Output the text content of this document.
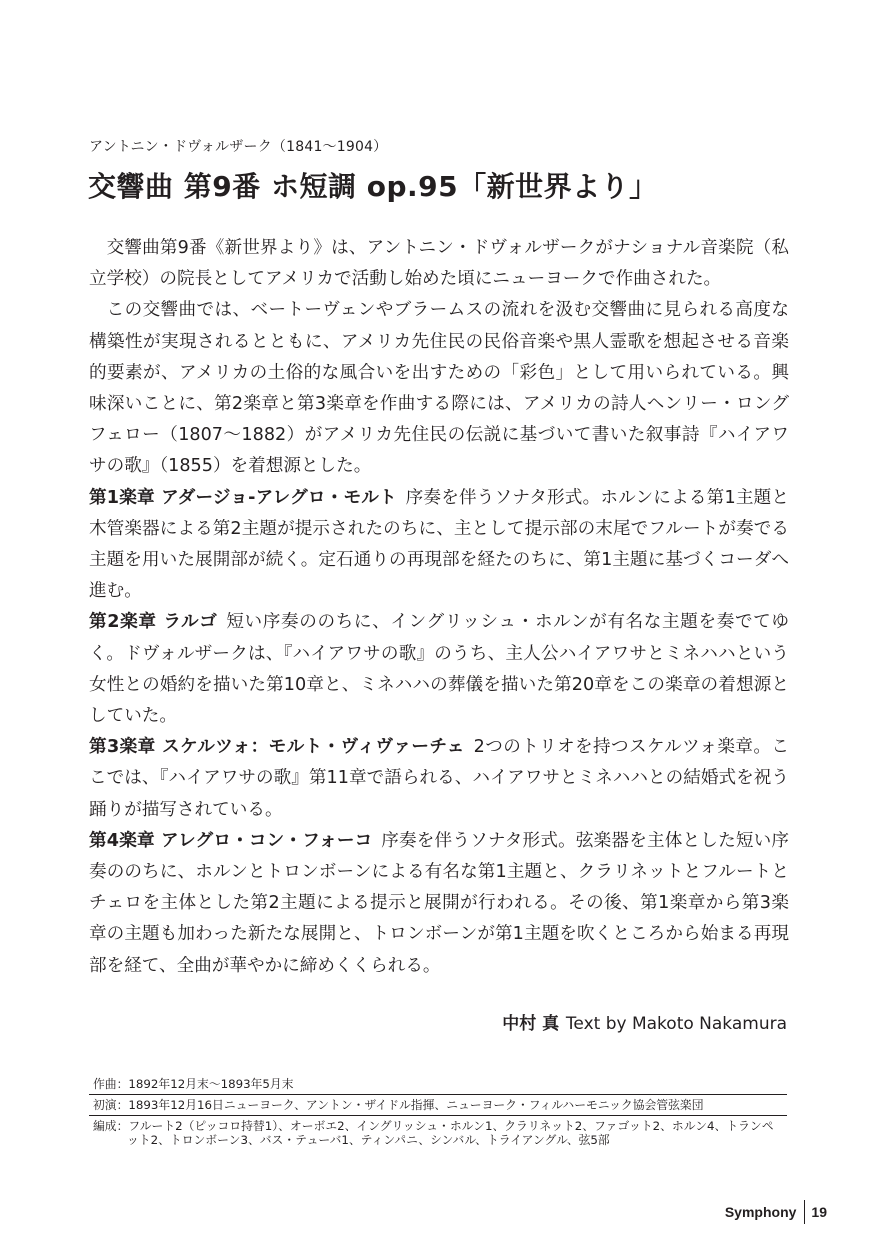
アントニン・ドヴォルザーク（1841～1904）
交響曲 第9番 ホ短調 op.95「新世界より」

交響曲第9番《新世界より》は、アントニン・ドヴォルザークがナショナル音楽院（私立学校）の院長としてアメリカで活動し始めた頃にニューヨークで作曲された。

この交響曲では、ベートーヴェンやブラームスの流れを汲む交響曲に見られる高度な構築性が実現されるとともに、アメリカ先住民の民俗音楽や黒人霊歌を想起させる音楽的要素が、アメリカの土俗的な風合いを出すための「彩色」として用いられている。興味深いことに、第2楽章と第3楽章を作曲する際には、アメリカの詩人ヘンリー・ロングフェロー（1807～1882）がアメリカ先住民の伝説に基づいて書いた叙事詩『ハイアワサの歌』（1855）を着想源とした。

第1楽章 アダージョ-アレグロ・モルト 序奏を伴うソナタ形式。ホルンによる第1主題と木管楽器による第2主題が提示されたのちに、主として提示部の末尾でフルートが奏でる主題を用いた展開部が続く。定石通りの再現部を経たのちに、第1主題に基づくコーダへ進む。

第2楽章 ラルゴ 短い序奏ののちに、イングリッシュ・ホルンが有名な主題を奏でてゆく。ドヴォルザークは、『ハイアワサの歌』のうち、主人公ハイアワサとミネハハという女性との婚約を描いた第10章と、ミネハハの葬儀を描いた第20章をこの楽章の着想源としていた。

第3楽章 スケルツォ：モルト・ヴィヴァーチェ 2つのトリオを持つスケルツォ楽章。ここでは、『ハイアワサの歌』第11章で語られる、ハイアワサとミネハハとの結婚式を祝う踊りが描写されている。

第4楽章 アレグロ・コン・フォーコ 序奏を伴うソナタ形式。弦楽器を主体とした短い序奏ののちに、ホルンとトロンボーンによる有名な第1主題と、クラリネットとフルートとチェロを主体とした第2主題による提示と展開が行われる。その後、第1楽章から第3楽章の主題も加わった新たな展開と、トロンボーンが第1主題を吹くところから始まる再現部を経て、全曲が華やかに締めくくられる。

中村 真 Text by Makoto Nakamura
作曲：1892年12月末～1893年5月末
初演：1893年12月16日ニューヨーク、アントン・ザイドル指揮、ニューヨーク・フィルハーモニック協会管弦楽団
編成： フルート2（ピッコロ持替1）、オーボエ2、イングリッシュ・ホルン1、クラリネット2、ファゴット2、ホルン4、トランペット2、トロンボーン3、バス・テューバ1、ティンパニ、シンバル、トライアングル、弦5部
Symphony	19
